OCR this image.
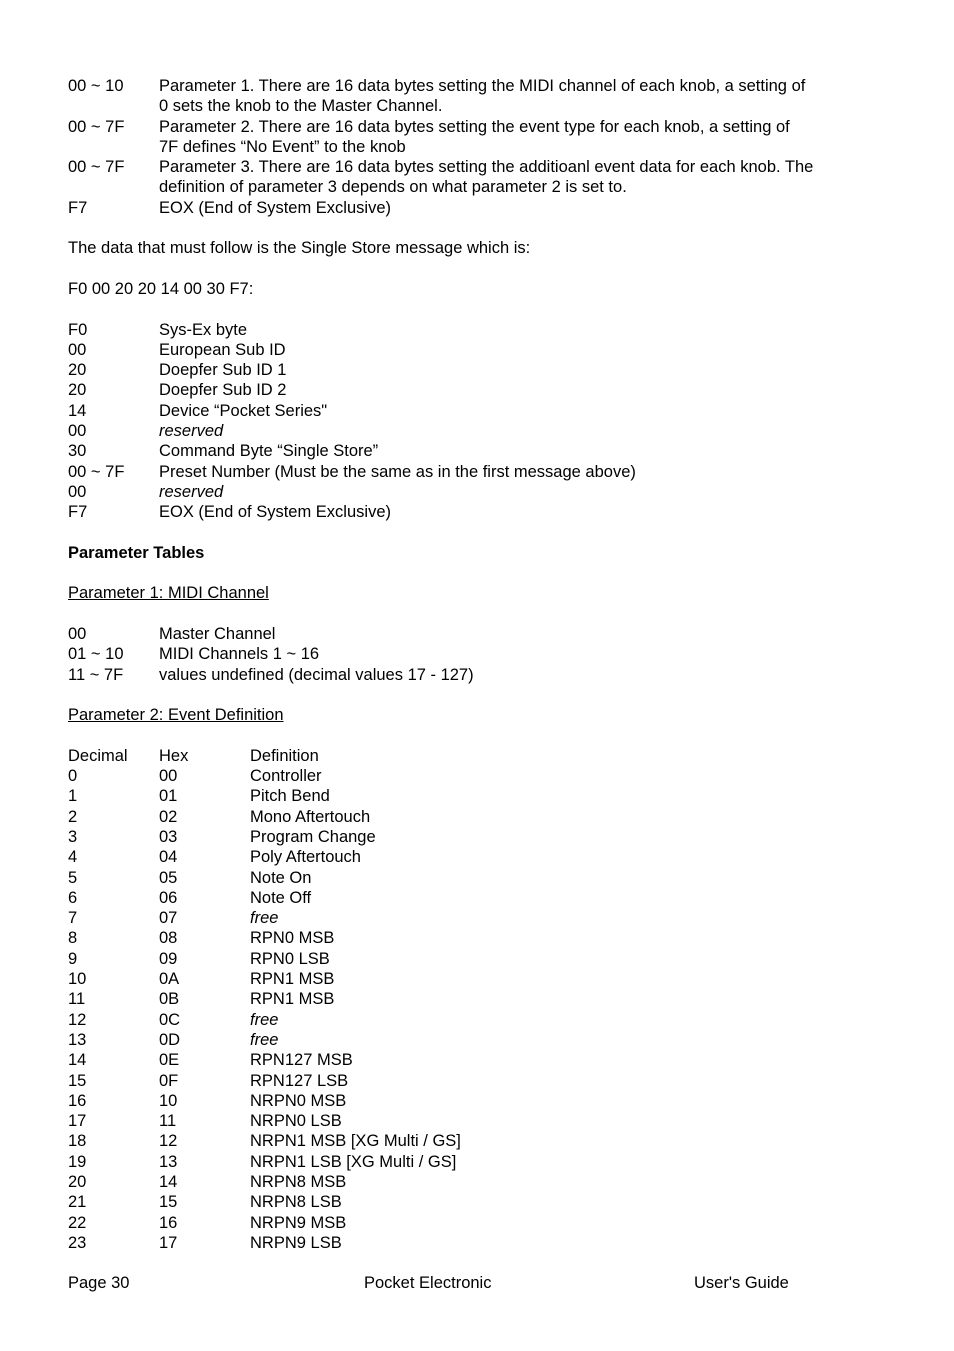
00 ~ 10	Parameter 1. There are 16 data bytes setting the MIDI channel of each knob, a setting of
0 sets the knob to the Master Channel.
00 ~ 7F	Parameter 2. There are 16 data bytes setting the event type for each knob, a setting of
7F defines “No Event” to the knob
00 ~ 7F	Parameter 3. There are 16 data bytes setting the additioanl event data for each knob. The
definition of parameter 3 depends on what parameter 2 is set to.
F7	EOX (End of System Exclusive)
The data that must follow is the Single Store message which is:
F0 00 20 20 14 00 30 F7:
F0	Sys-Ex byte
00	European Sub ID
20	Doepfer Sub ID 1
20	Doepfer Sub ID 2
14	Device “Pocket Series"
00	reserved
30	Command Byte “Single Store”
00 ~ 7F	Preset Number (Must be the same as in the first message above)
00	reserved
F7	EOX (End of System Exclusive)
Parameter Tables
Parameter 1: MIDI Channel
00	Master Channel
01 ~ 10	MIDI Channels 1 ~ 16
11 ~ 7F	values undefined (decimal values 17 - 127)
Parameter 2: Event Definition
Decimal	Hex	Definition
0	00	Controller
1	01	Pitch Bend
2	02	Mono Aftertouch
3	03	Program Change
4	04	Poly Aftertouch
5	05	Note On
6	06	Note Off
7	07	free
8	08	RPN0 MSB
9	09	RPN0 LSB
10	0A	RPN1 MSB
11	0B	RPN1 MSB
12	0C	free
13	0D	free
14	0E	RPN127 MSB
15	0F	RPN127 LSB
16	10	NRPN0 MSB
17	11	NRPN0 LSB
18	12	NRPN1 MSB [XG Multi / GS]
19	13	NRPN1 LSB [XG Multi / GS]
20	14	NRPN8 MSB
21	15	NRPN8 LSB
22	16	NRPN9 MSB
23	17	NRPN9 LSB
Page 30	Pocket Electronic	User's Guide
